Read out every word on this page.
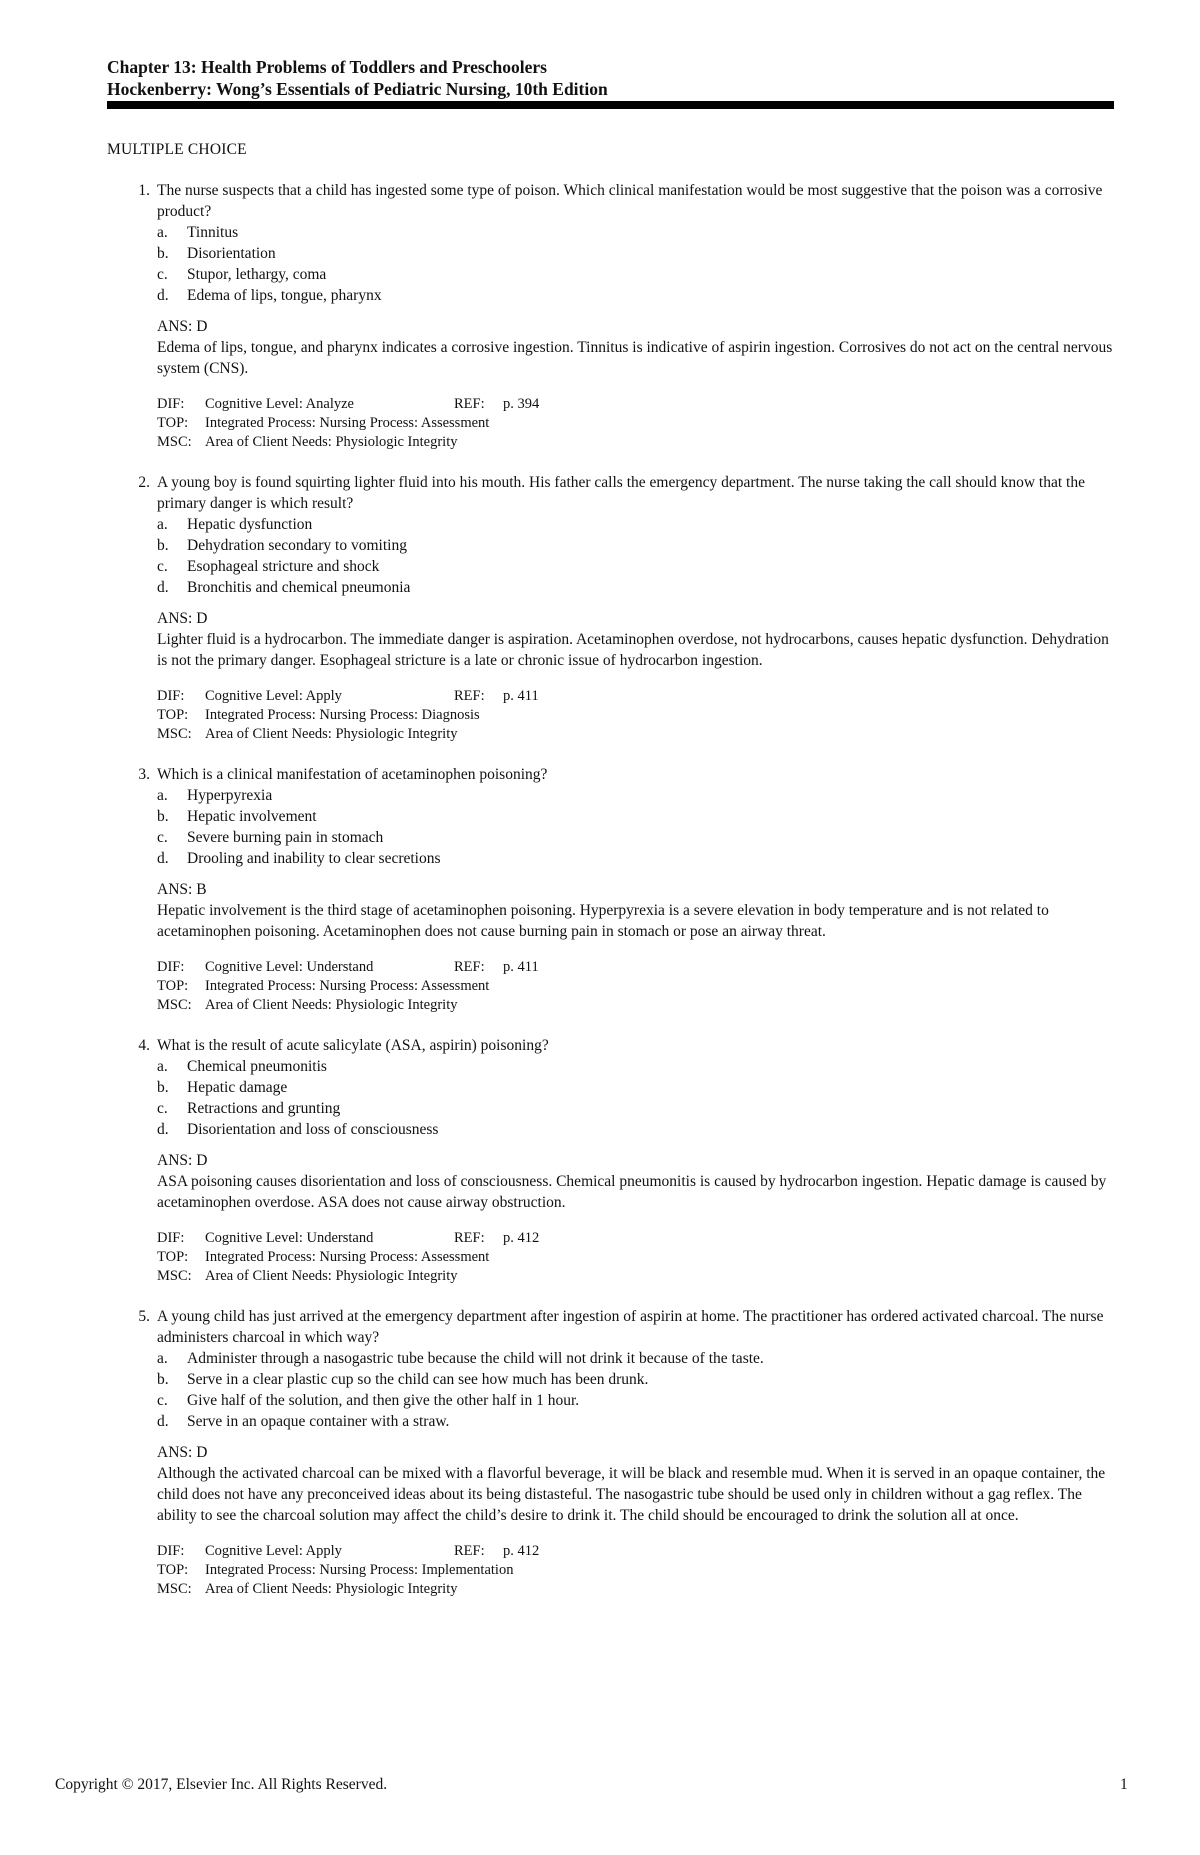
Chapter 13: Health Problems of Toddlers and Preschoolers
Hockenberry: Wong’s Essentials of Pediatric Nursing, 10th Edition
MULTIPLE CHOICE
1. The nurse suspects that a child has ingested some type of poison. Which clinical manifestation would be most suggestive that the poison was a corrosive product?
a. Tinnitus
b. Disorientation
c. Stupor, lethargy, coma
d. Edema of lips, tongue, pharynx
ANS: D
Edema of lips, tongue, and pharynx indicates a corrosive ingestion. Tinnitus is indicative of aspirin ingestion. Corrosives do not act on the central nervous system (CNS).
DIF:	Cognitive Level: Analyze	REF:	p. 394
TOP:	Integrated Process: Nursing Process: Assessment
MSC: Area of Client Needs: Physiologic Integrity
2. A young boy is found squirting lighter fluid into his mouth. His father calls the emergency department. The nurse taking the call should know that the primary danger is which result?
a. Hepatic dysfunction
b. Dehydration secondary to vomiting
c. Esophageal stricture and shock
d. Bronchitis and chemical pneumonia
ANS: D
Lighter fluid is a hydrocarbon. The immediate danger is aspiration. Acetaminophen overdose, not hydrocarbons, causes hepatic dysfunction. Dehydration is not the primary danger. Esophageal stricture is a late or chronic issue of hydrocarbon ingestion.
DIF:	Cognitive Level: Apply	REF:	p. 411
TOP:	Integrated Process: Nursing Process: Diagnosis
MSC: Area of Client Needs: Physiologic Integrity
3. Which is a clinical manifestation of acetaminophen poisoning?
a. Hyperpyrexia
b. Hepatic involvement
c. Severe burning pain in stomach
d. Drooling and inability to clear secretions
ANS: B
Hepatic involvement is the third stage of acetaminophen poisoning. Hyperpyrexia is a severe elevation in body temperature and is not related to acetaminophen poisoning. Acetaminophen does not cause burning pain in stomach or pose an airway threat.
DIF:	Cognitive Level: Understand	REF:	p. 411
TOP:	Integrated Process: Nursing Process: Assessment
MSC: Area of Client Needs: Physiologic Integrity
4. What is the result of acute salicylate (ASA, aspirin) poisoning?
a. Chemical pneumonitis
b. Hepatic damage
c. Retractions and grunting
d. Disorientation and loss of consciousness
ANS: D
ASA poisoning causes disorientation and loss of consciousness. Chemical pneumonitis is caused by hydrocarbon ingestion. Hepatic damage is caused by acetaminophen overdose. ASA does not cause airway obstruction.
DIF:	Cognitive Level: Understand	REF:	p. 412
TOP:	Integrated Process: Nursing Process: Assessment
MSC: Area of Client Needs: Physiologic Integrity
5. A young child has just arrived at the emergency department after ingestion of aspirin at home. The practitioner has ordered activated charcoal. The nurse administers charcoal in which way?
a. Administer through a nasogastric tube because the child will not drink it because of the taste.
b. Serve in a clear plastic cup so the child can see how much has been drunk.
c. Give half of the solution, and then give the other half in 1 hour.
d. Serve in an opaque container with a straw.
ANS: D
Although the activated charcoal can be mixed with a flavorful beverage, it will be black and resemble mud. When it is served in an opaque container, the child does not have any preconceived ideas about its being distasteful. The nasogastric tube should be used only in children without a gag reflex. The ability to see the charcoal solution may affect the child’s desire to drink it. The child should be encouraged to drink the solution all at once.
DIF:	Cognitive Level: Apply	REF:	p. 412
TOP:	Integrated Process: Nursing Process: Implementation
MSC: Area of Client Needs: Physiologic Integrity
Copyright © 2017, Elsevier Inc. All Rights Reserved.	1
